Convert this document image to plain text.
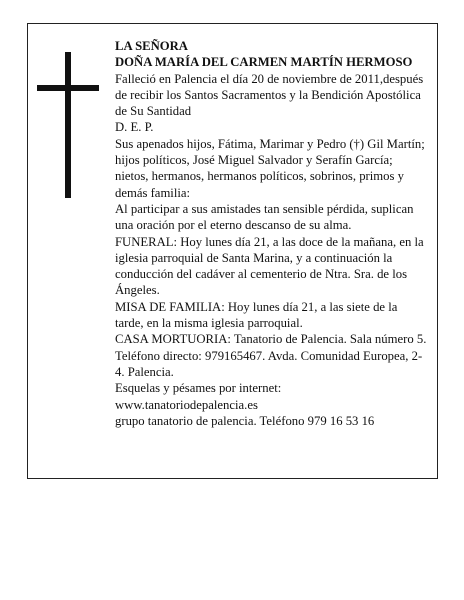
LA SEÑORA

DOÑA MARÍA DEL CARMEN MARTÍN HERMOSO

Falleció en Palencia el día 20 de noviembre de 2011,después de recibir los Santos Sacramentos y la Bendición Apostólica de Su Santidad

D. E. P.

Sus apenados hijos, Fátima, Marimar y Pedro (†) Gil Martín; hijos políticos, José Miguel Salvador y Serafín García; nietos, hermanos, hermanos políticos, sobrinos, primos y demás familia:

Al participar a sus amistades tan sensible pérdida, suplican una oración por el eterno descanso de su alma.

FUNERAL: Hoy lunes día 21, a las doce de la mañana, en la iglesia parroquial de Santa Marina, y a continuación la conducción del cadáver al cementerio de Ntra. Sra. de los Ángeles.

MISA DE FAMILIA: Hoy lunes día 21, a las siete de la tarde, en la misma iglesia parroquial.

CASA MORTUORIA: Tanatorio de Palencia. Sala número 5. Teléfono directo: 979165467. Avda. Comunidad Europea, 2-4. Palencia.

Esquelas y pésames por internet:

www.tanatoriodepalencia.es

grupo tanatorio de palencia. Teléfono 979 16 53 16
